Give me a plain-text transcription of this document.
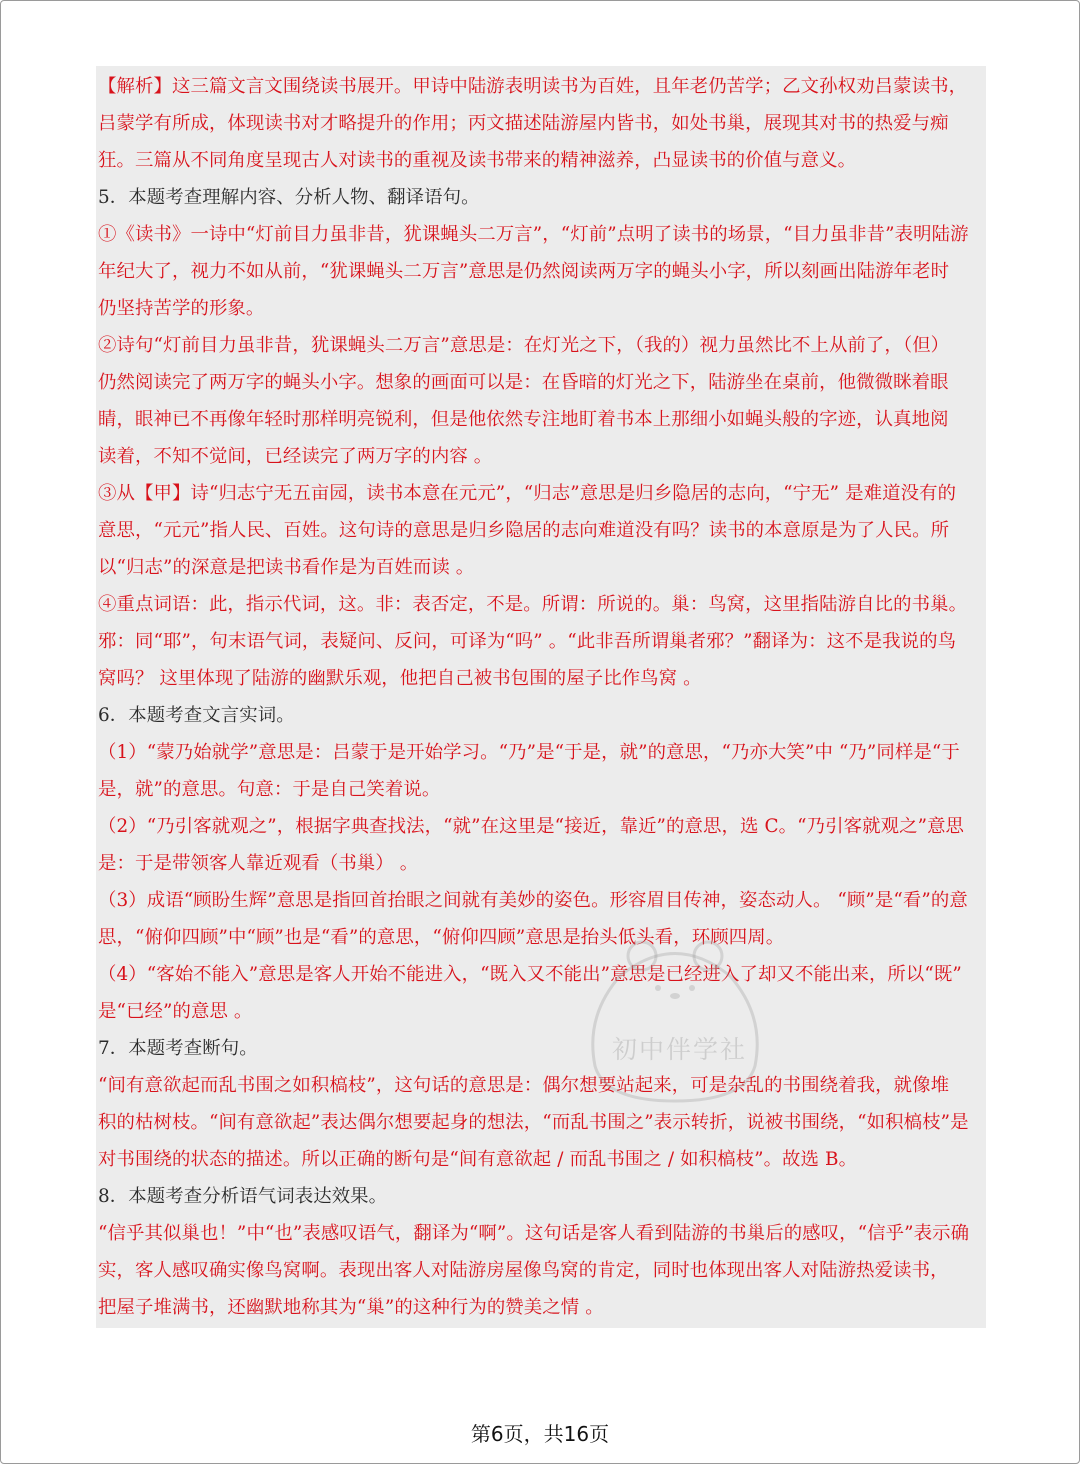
【解析】这三篇文言文围绕读书展开。甲诗中陆游表明读书为百姓，且年老仍苦学；乙文孙权劝吕蒙读书，
吕蒙学有所成，体现读书对才略提升的作用；丙文描述陆游屋内皆书，如处书巢，展现其对书的热爱与痴
狂。三篇从不同角度呈现古人对读书的重视及读书带来的精神滋养，凸显读书的价值与意义。
5．本题考查理解内容、分析人物、翻译语句。
①《读书》一诗中“灯前目力虽非昔，犹课蝇头二万言”，“灯前”点明了读书的场景，“目力虽非昔”表明陆游
年纪大了，视力不如从前，“犹课蝇头二万言”意思是仍然阅读两万字的蝇头小字，所以刻画出陆游年老时
仍坚持苦学的形象。
②诗句“灯前目力虽非昔，犹课蝇头二万言”意思是：在灯光之下，（我的）视力虽然比不上从前了，（但）
仍然阅读完了两万字的蝇头小字。想象的画面可以是：在昏暗的灯光之下，陆游坐在桌前，他微微眯着眼
睛，眼神已不再像年轻时那样明亮锐利，但是他依然专注地盯着书本上那细小如蝇头般的字迹，认真地阅
读着，不知不觉间，已经读完了两万字的内容 。
③从【甲】诗“归志宁无五亩园，读书本意在元元”，“归志”意思是归乡隐居的志向，“宁无” 是难道没有的
意思，“元元”指人民、百姓。这句诗的意思是归乡隐居的志向难道没有吗？读书的本意原是为了人民。所
以“归志”的深意是把读书看作是为百姓而读 。
④重点词语：此，指示代词，这。非：表否定，不是。所谓：所说的。巢：鸟窝，这里指陆游自比的书巢。
邪：同“耶”，句末语气词，表疑问、反问，可译为“吗” 。“此非吾所谓巢者邪？”翻译为：这不是我说的鸟
窝吗？ 这里体现了陆游的幽默乐观，他把自己被书包围的屋子比作鸟窝 。
6．本题考查文言实词。
（1）“蒙乃始就学”意思是：吕蒙于是开始学习。“乃”是“于是，就”的意思，“乃亦大笑”中 “乃”同样是“于
是，就”的意思。句意：于是自己笑着说。
（2）“乃引客就观之”，根据字典查找法，“就”在这里是“接近，靠近”的意思，选 C。“乃引客就观之”意思
是：于是带领客人靠近观看（书巢） 。
（3）成语“顾盼生辉”意思是指回首抬眼之间就有美妙的姿色。形容眉目传神，姿态动人。 “顾”是“看”的意
思，“俯仰四顾”中“顾”也是“看”的意思，“俯仰四顾”意思是抬头低头看，环顾四周。
（4）“客始不能入”意思是客人开始不能进入，“既入又不能出”意思是已经进入了却又不能出来，所以“既”
是“已经”的意思 。
7．本题考查断句。
“间有意欲起而乱书围之如积槁枝”，这句话的意思是：偶尔想要站起来，可是杂乱的书围绕着我，就像堆
积的枯树枝。“间有意欲起”表达偶尔想要起身的想法，“而乱书围之”表示转折，说被书围绕，“如积槁枝”是
对书围绕的状态的描述。所以正确的断句是“间有意欲起 / 而乱书围之 / 如积槁枝”。故选 B。
8．本题考查分析语气词表达效果。
“信乎其似巢也！”中“也”表感叹语气，翻译为“啊”。这句话是客人看到陆游的书巢后的感叹，“信乎”表示确
实，客人感叹确实像鸟窝啊。表现出客人对陆游房屋像鸟窝的肯定，同时也体现出客人对陆游热爱读书，
把屋子堆满书，还幽默地称其为“巢”的这种行为的赞美之情 。
初中伴学社
第6页，共16页
